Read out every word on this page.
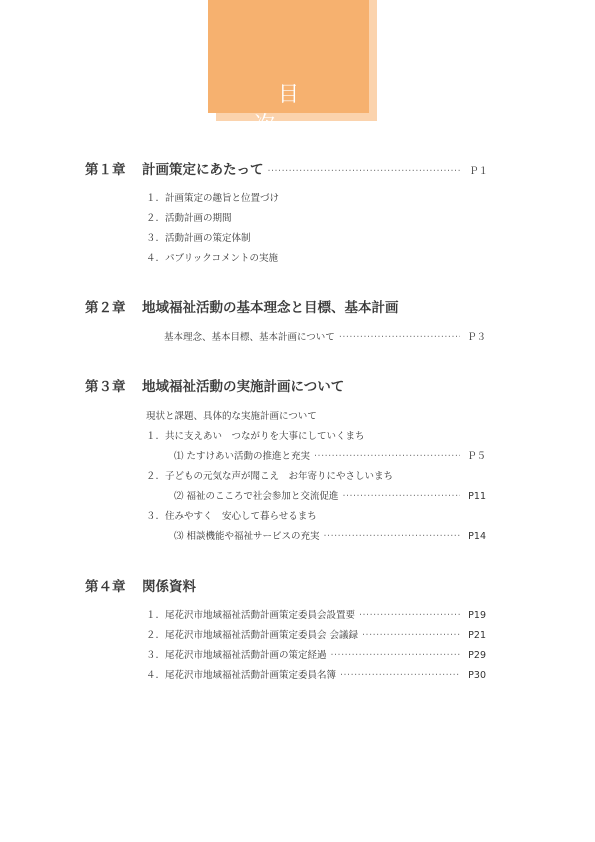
目 次
第１章 計画策定にあたって ·····	Ｐ１
１. 計画策定の趣旨と位置づけ
２. 活動計画の期間
３. 活動計画の策定体制
４. パブリックコメントの実施
第２章 地域福祉活動の基本理念と目標、基本計画
基本理念、基本目標、基本計画について ·····	Ｐ３
第３章 地域福祉活動の実施計画について
現状と課題、具体的な実施計画について
１. 共に支えあい　つながりを大事にしていくまち
⑴ たすけあい活動の推進と充実 ·····	Ｐ５
２. 子どもの元気な声が聞こえ　お年寄りにやさしいまち
⑵ 福祉のこころで社会参加と交流促進 ·····	P11
３. 住みやすく　安心して暮らせるまち
⑶ 相談機能や福祉サービスの充実 ·····	P14
第４章 関係資料
１. 尾花沢市地域福祉活動計画策定委員会設置要 ·····	P19
２. 尾花沢市地域福祉活動計画策定委員会 会議録 ·····	P21
３. 尾花沢市地域福祉活動計画の策定経過 ·····	P29
４. 尾花沢市地域福祉活動計画策定委員名簿 ·····	P30
